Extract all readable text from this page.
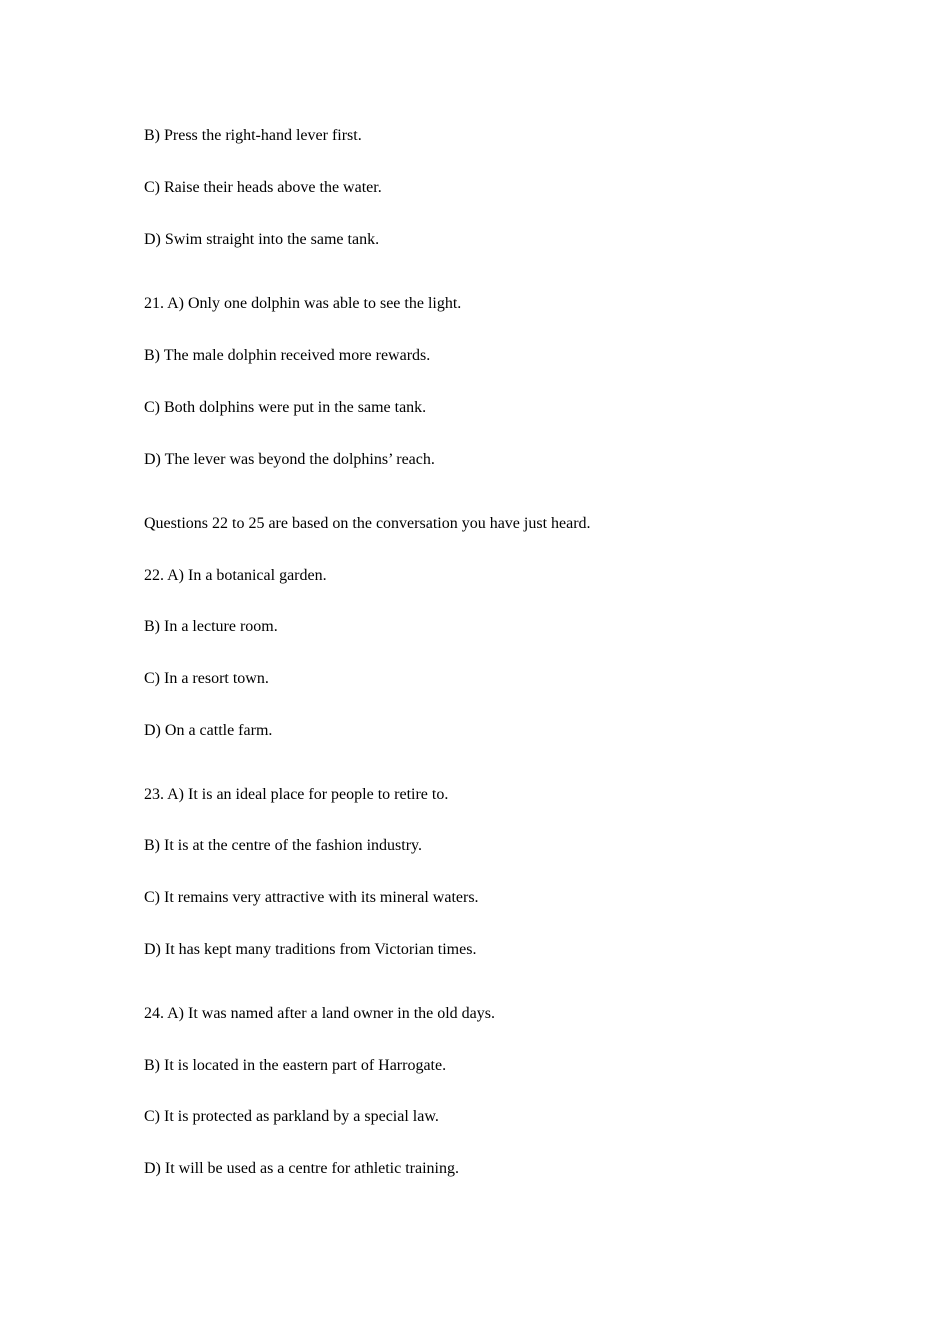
B) Press the right-hand lever first.
C) Raise their heads above the water.
D) Swim straight into the same tank.
21. A) Only one dolphin was able to see the light.
B) The male dolphin received more rewards.
C) Both dolphins were put in the same tank.
D) The lever was beyond the dolphins’ reach.
Questions 22 to 25 are based on the conversation you have just heard.
22. A) In a botanical garden.
B) In a lecture room.
C) In a resort town.
D) On a cattle farm.
23. A) It is an ideal place for people to retire to.
B) It is at the centre of the fashion industry.
C) It remains very attractive with its mineral waters.
D) It has kept many traditions from Victorian times.
24. A) It was named after a land owner in the old days.
B) It is located in the eastern part of Harrogate.
C) It is protected as parkland by a special law.
D) It will be used as a centre for athletic training.
